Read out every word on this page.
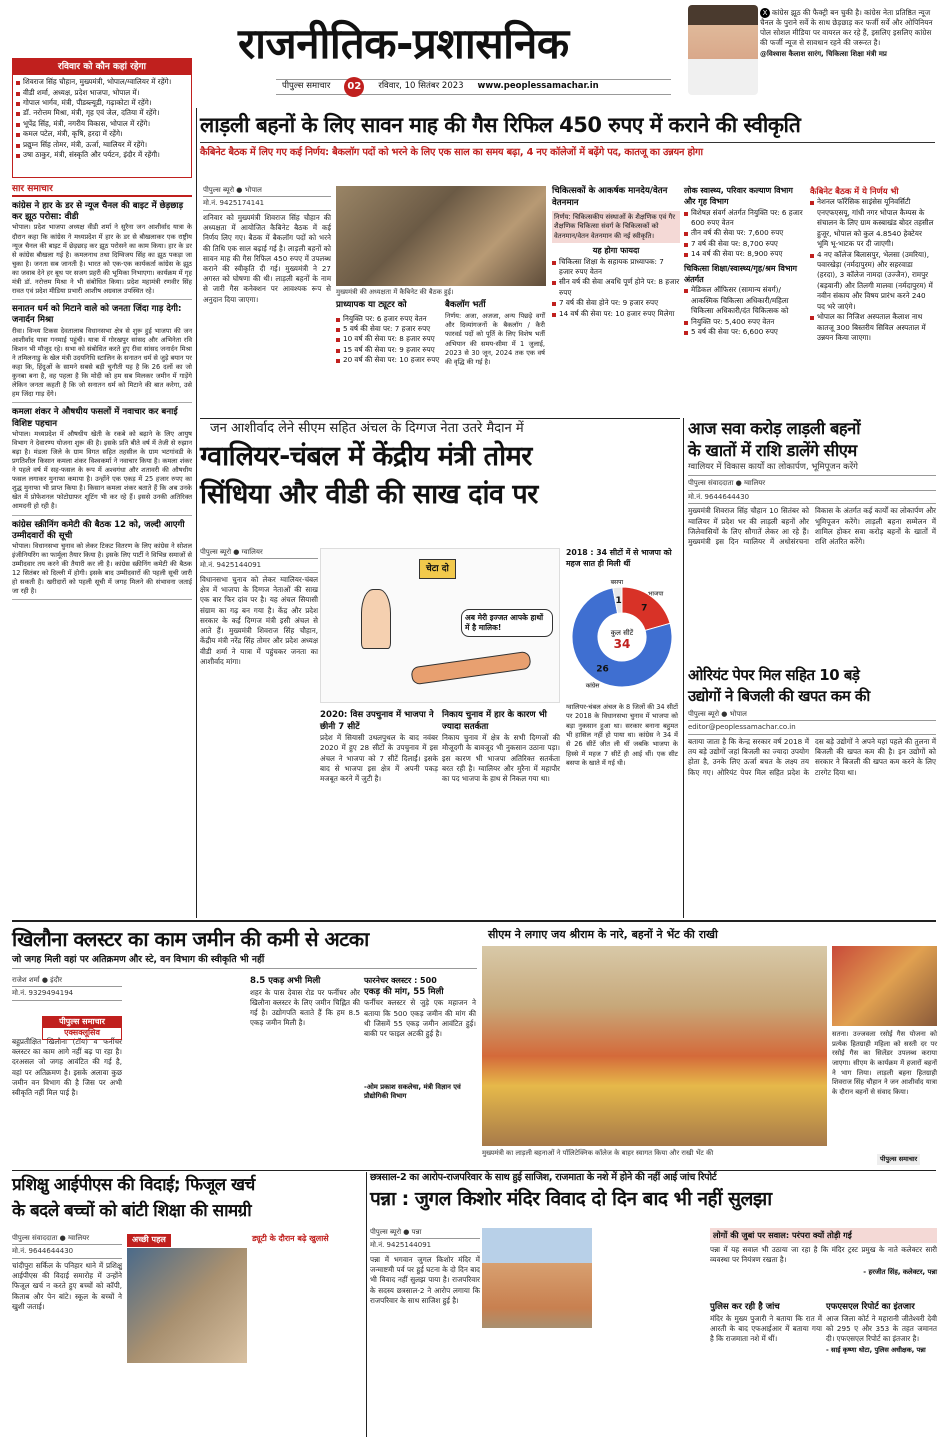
रविवार को कौन कहां रहेगा
शिवराज सिंह चौहान, मुख्यमंत्री, भोपाल/ग्वालियर में रहेंगे।
वीडी शर्मा, अध्यक्ष, प्रदेश भाजपा, भोपाल में।
गोपाल भार्गव, मंत्री, पीडब्ल्यूडी, गढ़ाकोटा में रहेंगे।
डॉ. नरोत्तम मिश्रा, मंत्री, गृह एवं जेल, दतिया में रहेंगे।
भूपेंद्र सिंह, मंत्री, नगरीय विकास, भोपाल में रहेंगे।
कमल पटेल, मंत्री, कृषि, हरदा में रहेंगे।
प्रद्युम्न सिंह तोमर, मंत्री, ऊर्जा, ग्वालियर में रहेंगे।
उषा ठाकुर, मंत्री, संस्कृति और पर्यटन, इंदौर में रहेंगी।
राजनीतिक-प्रशासनिक
पीपुल्स समाचार	02	रविवार, 10 सितंबर 2023 www.peoplessamachar.in
X कांग्रेस झूठ की फैक्ट्री बन चुकी है। कांग्रेस नेता प्रतिष्ठित न्यूज चैनल के पुराने सर्वे के साथ छेड़छाड़ कर फर्जी सर्वे और ओपिनियन पोल सोशल मीडिया पर वायरल कर रहे हैं, इसलिए इसलिए कांग्रेस की फर्जी न्यूज से सावधान रहने की जरूरत है।
@विश्वास कैलाश सारंग, चिकित्सा शिक्षा मंत्री मप्र
सार समाचार
कांग्रेस ने हार के डर से न्यूज चैनल की बाइट में छेड़छाड़ कर झूठ परोसा: वीडी
भोपाल। प्रदेश भाजपा अध्यक्ष वीडी शर्मा ने सुरैना जन आशीर्वाद यात्रा के दौरान कहा कि कांग्रेस ने मध्यप्रदेश में हार के डर से बौखलाकर एक राष्ट्रीय न्यूज चैनल की बाइट में छेड़छाड़ कर झूठ परोसने का काम किया। हार के डर से कांग्रेस बौखला गई है। कमलनाथ तथा दिग्विजय सिंह का झूठ पकड़ा जा चुका है। जनता सब जानती है। भारत को एक-एक कार्यकर्ता कांग्रेस के झूठ का जवाब देने हर बूथ पर सजग प्रहरी की भूमिका निभाएगा। कार्यक्रम में गृह मंत्री डॉ. नरोत्तम मिश्रा ने भी संबोधित किया। प्रदेश महामंत्री रणवीर सिंह रावत एवं प्रदेश मीडिया प्रभारी आशीष अग्रवाल उपस्थित रहे।
सनातन धर्म को मिटाने वाले को जनता जिंदा गाड़ देगी: जनार्दन मिश्रा
रीवा। विन्ध्य टिकस देवतालाब विधानसभा क्षेत्र से शुरू हुई भाजपा की जन आशीर्वाद यात्रा गनमाई पहुंची। यात्रा में गोरखपुर सांसद और अभिनेता रवि किशन भी मौजूद रहे। सभा को संबोधित करते हुए रीवा सांसद जनार्दन मिश्रा ने तमिलनाडु के खेल मंत्री उदयनिधि स्टालिन के सनातन धर्म से जुड़े बयान पर कहा कि, हिंदुओं के सामने सबसे बड़ी चुनौती यह है कि 26 दलों का जो कुनबा बना है, वह पहला है कि मोदी को हम सब मिलकर जमीन में गाड़ेंगे लेकिन जनता कहती है कि जो सनातन धर्म को मिटाने की बात करेगा, उसे हम जिंदा गाड़ देंगे।
कमला शंकर ने औषधीय फसलों में नवाचार कर बनाई विशिष्ट पहचान
भोपाल। मध्यप्रदेश में औषधीय खेती के रकबे को बढ़ाने के लिए आयुष विभाग ने देवारण्य योजना शुरू की है। इसके प्रति बीते वर्ष में तेजी से रुझान बढ़ा है। मंडला जिले के ग्राम विगत सहित तहसील के ग्राम भटगांवडी के प्रगतिशील किसान कमला शंकर विश्वकर्मा ने नवाचार किया है। कमला शंकर ने पहले वर्ष में सह-फसल के रूप में अश्वगंधा और शतावरी की औषधीय फसल लगाकर मुनाफा कमाया है। उन्होंने एक एकड़ में 25 हजार रुपए का शुद्ध मुनाफा भी प्राप्त किया है। किसान कमला शंकर बताते हैं कि अब उनके खेत में प्रोफेशनल फोटोग्राफर शूटिंग भी कर रहे हैं। इससे उनकी अतिरिक्त आमदनी हो रही है।
कांग्रेस स्क्रीनिंग कमेटी की बैठक 12 को, जल्दी आएगी उम्मीदवारों की सूची
भोपाल। विधानसभा चुनाव को लेकर टिकट वितरण के लिए कांग्रेस ने सोशल इंजीनियरिंग का फार्मूला तैयार किया है। इसके लिए पार्टी ने विभिन्न समाजों से उम्मीदवार तय करने की तैयारी कर ली है। कांग्रेस स्क्रीनिंग कमेटी की बैठक 12 सितंबर को दिल्ली में होगी। इसके बाद उम्मीदवारों की पहली सूची जारी हो सकती है। खरीदारों को पहली सूची में जगह मिलने की संभावना जताई जा रही है।
लाड़ली बहनों के लिए सावन माह की गैस रिफिल 450 रुपए में कराने की स्वीकृति
कैबिनेट बैठक में लिए गए कई निर्णय: बैकलॉग पदों को भरने के लिए एक साल का समय बढ़ा, 4 नए कॉलेजों में बढ़ेंगे पद, कातजू का उन्नयन होगा
पीपुल्स ब्यूरो ● भोपाल
मो.नं. 9425174141
शनिवार को मुख्यमंत्री शिवराज सिंह चौहान की अध्यक्षता में आयोजित कैबिनेट बैठक में कई निर्णय लिए गए। बैठक में बैकलॉग पदों को भरने की तिथि एक साल बढ़ाई गई है। लाड़ली बहनों को सावन माह की गैस रिफिल 450 रुपए में उपलब्ध कराने की स्वीकृति दी गई। मुख्यमंत्री ने 27 अगस्त को घोषणा की थी। लाड़ली बहनों के नाम से जारी गैस कनेक्शन पर आवश्यक रूप से अनुदान दिया जाएगा।
मुख्यमंत्री की अध्यक्षता में कैबिनेट की बैठक हुई।
प्राध्यापक या ट्यूटर को
नियुक्ति पर: 6 हजार रुपए वेतन
5 वर्ष की सेवा पर: 7 हजार रुपए
10 वर्ष की सेवा पर: 8 हजार रुपए
15 वर्ष की सेवा पर: 9 हजार रुपए
20 वर्ष की सेवा पर: 10 हजार रुपए
बैकलॉग भर्ती
निर्णय: अजा, अजजा, अन्य पिछड़े वर्गों और दिव्यांगजनों के बैकलॉग / कैरी फारवर्ड पदों को पूर्ति के लिए विशेष भर्ती अभियान की समय-सीमा में 1 जुलाई, 2023 से 30 जून, 2024 तक एक वर्ष की वृद्धि की गई है।
चिकित्सकों के आकर्षक मानदेय/वेतन वेतनमान
निर्णय: चिकित्सकीय संस्थाओं के शैक्षणिक एवं गैर शैक्षणिक चिकित्सा संवर्ग के चिकित्सकों को वेतनमान/वेतन वेतनमान की नई स्वीकृति।
यह होगा फायदा
चिकित्सा शिक्षा के सहायक प्राध्यापक: 7 हजार रुपए वेतन
सीन वर्ष की सेवा अवधि पूर्ण होने पर: 8 हजार रुपए
7 वर्ष की सेवा होने पर: 9 हजार रुपए
14 वर्ष की सेवा पर: 10 हजार रुपए मिलेगा
लोक स्वास्थ्य, परिवार कल्याण विभाग और गृह विभाग
विशेषज्ञ संवर्ग अंतर्गत नियुक्ति पर: 6 हजार 600 रुपए वेतन
तीन वर्ष की सेवा पर: 7,600 रुपए
7 वर्ष की सेवा पर: 8,700 रुपए
14 वर्ष की सेवा पर: 8,900 रुपए
चिकित्सा शिक्षा/स्वास्थ्य/गृह/श्रम विभाग अंतर्गत
मेडिकल ऑफिसर (सामान्य संवर्ग)/आकस्मिक चिकित्सा अधिकारी/महिला चिकित्सा अधिकारी/दंत चिकित्सक को
नियुक्ति पर: 5,400 रुपए वेतन
5 वर्ष की सेवा पर: 6,600 रुपए
कैबिनेट बैठक में ये निर्णय भी
नेशनल फॉरेंसिक साइंसेस यूनिवर्सिटी एनएफएसयू, गांधी नगर भोपाल कैम्पस के संचालन के लिए ग्राम कस्बाखंड बोदर तहसील हुजूर, भोपाल को कुल 4.8540 हेक्टेयर भूमि भू-भाटक पर दी जाएगी।
4 नए कॉलेज बिलासपुर, भेलसा (उमरिया), पवारखेड़ा (नर्मदापुरम) और सहरवाडा (हरदा), 3 कॉलेज नामदा (उज्जैन), रामपुर (बड़वानी) और तिलगी मालवा (नर्मदापुरम) में नवीन संकाय और विषय प्रारंभ करने 240 पद भरे जाएंगे।
भोपाल का निजिश अस्पताल कैलाश नाथ कातजू 300 बिस्तरीय सिविल अस्पताल में उन्नयन किया जाएगा।
जन आशीर्वाद लेने सीएम सहित अंचल के दिग्गज नेता उतरे मैदान में
ग्वालियर-चंबल में केंद्रीय मंत्री तोमर
सिंधिया और वीडी की साख दांव पर
पीपुल्स ब्यूरो ● ग्वालियर
मो.नं. 9425144091	चेटा दो
अब मेरी इज्जत आपके हाथों में है मालिक!
विधानसभा चुनाव को लेकर ग्वालियर-चंबल क्षेत्र में भाजपा के दिग्गज नेताओं की साख एक बार फिर दांव पर है। यह अंचल सियासी संग्राम का गढ़ बन गया है। केंद्र और प्रदेश सरकार के कई दिग्गज मंत्री इसी अंचल से आते हैं। मुख्यमंत्री शिवराज सिंह चौहान, केंद्रीय मंत्री नरेंद्र सिंह तोमर और प्रदेश अध्यक्ष वीडी शर्मा ने यात्रा में पहुंचकर जनता का आशीर्वाद मांगा।
2020: विस उपचुनाव में भाजपा ने छीनी 7 सीटें
प्रदेश में सियासी उथलपुथल के बाद नवंबर 2020 में हुए 28 सीटों के उपचुनाव में इस अंचल ने भाजपा को 7 सीटें दिलाईं। इसके बाद से भाजपा इस क्षेत्र में अपनी पकड़ मजबूत करने में जुटी है।
निकाय चुनाव में हार के कारण भी ज्यादा सतर्कता
निकाय चुनाव में क्षेत्र के सभी दिग्गजों की मौजूदगी के बावजूद भी नुकसान उठाना पड़ा। इस कारण भी भाजपा अतिरिक्त सतर्कता बरत रही है। ग्वालियर और मुरैना में महापौर का पद भाजपा के हाथ से निकल गया था।
2018 : 34 सीटों में से भाजपा को महज सात ही मिली थीं
7
भाजपा
26
कांग्रेस
1
बसपा
कुल सीटें
34
ग्वालियर-चंबल अंचल के 8 जिलों की 34 सीटों पर 2018 के विधानसभा चुनाव में भाजपा को बड़ा नुकसान हुआ था। सरकार बनाना बहुमत भी हासिल नहीं हो पाया था। कांग्रेस ने 34 में से 26 सीटें जीत ली थीं जबकि भाजपा के हिस्से में महज 7 सीटें ही आई थीं। एक सीट बसपा के खाते में गई थी।
आज सवा करोड़ लाड़ली बहनों
के खातों में राशि डालेंगे सीएम
ग्वालियर में विकास कार्यों का लोकार्पण, भूमिपूजन करेंगे
पीपुल्स संवाददाता ● ग्वालियर
मो.नं. 9644644430
मुख्यमंत्री शिवराज सिंह चौहान 10 सितंबर को ग्वालियर में प्रदेश भर की लाड़ली बहनों और जिलेवासियों के लिए सौगातें लेकर आ रहे हैं। मुख्यमंत्री इस दिन ग्वालियर में अधोसंरचना विकास के अंतर्गत कई कार्यों का लोकार्पण और भूमिपूजन करेंगे। लाड़ली बहना सम्मेलन में शामिल होकर सवा करोड़ बहनों के खातों में राशि अंतरित करेंगे।
ओरियंट पेपर मिल सहित 10 बड़े
उद्योगों ने बिजली की खपत कम की
पीपुल्स ब्यूरो ● भोपाल
editor@peoplessamachar.co.in
बताया जाता है कि केन्द्र सरकार वर्ष 2018 में तय बड़े उद्योगों जहां बिजली का ज्यादा उपयोग होता है, उनके लिए ऊर्जा बचत के लक्ष्य तय किए गए। ओरियंट पेपर मिल सहित प्रदेश के दस बड़े उद्योगों ने अपने यहां पहले की तुलना में बिजली की खपत कम की है। इन उद्योगों को सरकार ने बिजली की खपत कम करने के लिए टारगेट दिया था।
खिलौना क्लस्टर का काम जमीन की कमी से अटका
जो जगह मिली वहां पर अतिक्रमण और स्टे, वन विभाग की स्वीकृति भी नहीं
राजेश शर्मा ● इंदौर
मो.नं. 9329494194
बहुप्रतीक्षित खिलौना (टॉय) व फर्नीचर क्लस्टर का काम आगे नहीं बढ़ पा रहा है। दरअसल जो जगह आवंटित की गई है, वहां पर अतिक्रमण है। इसके अलावा कुछ जमीन वन विभाग की है जिस पर अभी स्वीकृति नहीं मिल पाई है।
पीपुल्स समाचार
एक्सक्लूसिव
8.5 एकड़ अभी मिली
शहर के पास देवास रोड पर फर्नीचर और खिलौना क्लस्टर के लिए जमीन चिह्नित की गई है। उद्योगपति बताते हैं कि हम 8.5 एकड़ जमीन मिली है।
फारनेचर क्लस्टर : 500
एकड़ की मांग, 55 मिली
फर्नीचर क्लस्टर से जुड़े एक महाजन ने बताया कि 500 एकड़ जमीन की मांग की थी जिसमें 55 एकड़ जमीन आवंटित हुई। बाकी पर फाइल अटकी हुई है।
-ओम प्रकाश सकलेचा, मंत्री विज्ञान एवं प्रौद्योगिकी विभाग
सीएम ने लगाए जय श्रीराम के नारे, बहनों ने भेंट की राखी
मुख्यमंत्री का लाड़ली बहनाओं ने पॉलिटेक्निक कॉलेज के बाहर स्वागत किया और राखी भेंट की
सतना। उज्जवला रसोई गैस योजना को प्रत्येक हितग्राही महिला को सस्ती दर पर रसोई गैस का सिलेंडर उपलब्ध कराया जाएगा। सीएम के कार्यक्रम में हजारों बहनों ने भाग लिया। लाड़ली बहना हितग्राही शिवराज सिंह चौहान ने जन आशीर्वाद यात्रा के दौरान बहनों से संवाद किया।
पीपुल्स समाचार
प्रशिक्षु आईपीएस की विदाई; फिजूल खर्च
के बदले बच्चों को बांटी शिक्षा की सामग्री
पीपुल्स संवाददाता ● ग्वालियर
मो.नं. 9644644430
चांदीपुरा सर्किल के पनिहार थाने में प्रशिक्षु आईपीएस की विदाई समारोह में उन्होंने फिजूल खर्च न करते हुए बच्चों को कॉपी, किताब और पेन बांटे। स्कूल के बच्चों ने खुशी जताई।
अच्छी पहल	ड्यूटी के दौरान बढ़े खुलासे
छत्रसाल-2 का आरोप-राजपरिवार के साथ हुई साजिश, राजमाता के नशे में होने की नहीं आई जांच रिपोर्ट
पन्ना : जुगल किशोर मंदिर विवाद दो दिन बाद भी नहीं सुलझा
पीपुल्स ब्यूरो ● पन्ना
मो.नं. 9425144091
पन्ना में भगवान जुगल किशोर मंदिर में जन्माष्टमी पर्व पर हुई घटना के दो दिन बाद भी विवाद नहीं सुलझ पाया है। राजपरिवार के सदस्य छत्रसाल-2 ने आरोप लगाया कि राजपरिवार के साथ साजिश हुई है।
लोगों की जुबां पर सवाल: परंपरा क्यों तोड़ी गई
पन्ना में यह सवाल भी उठाया जा रहा है कि मंदिर ट्रस्ट प्रमुख के नाते कलेक्टर सारी व्यवस्था पर नियंत्रण रखता है।
- हरजीत सिंह, कलेक्टर, पन्ना
पुलिस कर रही है जांच
मंदिर के मुख्य पुजारी ने बताया कि रात में आरती के बाद एफआईआर में बताया गया है कि राजमाता नशे में थीं।
एफएसएल रिपोर्ट का इंतजार
आज जिला कोर्ट ने महारानी जीतेश्वरी देवी को 295 ए और 353 के तहत जमानत दी। एफएसएल रिपोर्ट का इंतजार है।
- साई कृष्णा थोटा, पुलिस अधीक्षक, पन्ना
